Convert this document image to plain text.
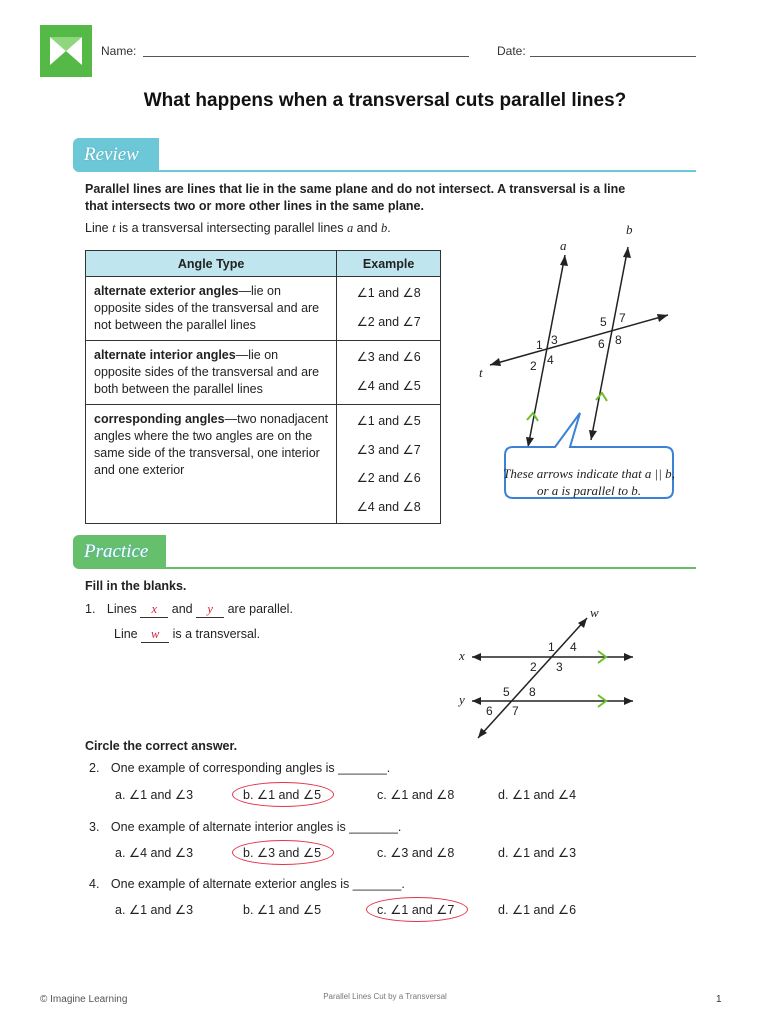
Name:	Date:
What happens when a transversal cuts parallel lines?
Review
Parallel lines are lines that lie in the same plane and do not intersect. A transversal is a line
that intersects two or more other lines in the same plane.
Line t is a transversal intersecting parallel lines a and b.
Angle Type	Example
alternate exterior angles—lie on opposite sides of the transversal and are not between the parallel lines	∠1 and ∠8
∠2 and ∠7

alternate interior angles—lie on opposite sides of the transversal and are both between the parallel lines	∠3 and ∠6
∠4 and ∠5

corresponding angles—two nonadjacent angles where the two angles are on the same side of the transversal, one interior and one exterior	∠1 and ∠5
∠3 and ∠7
∠2 and ∠6
∠4 and ∠8
a
b
t
1
2
3
4
5
6
7
8
These arrows indicate that a || b, or a is parallel to b.
Practice
Fill in the blanks.
1. Lines x and y are parallel.
Line w is a transversal.
w
x
y
1
2 3
4
5
6 7
8
Circle the correct answer.
2. One example of corresponding angles is _______.
a. ∠1 and ∠3	b. ∠1 and ∠5	c. ∠1 and ∠8	d. ∠1 and ∠4
3. One example of alternate interior angles is _______.
a. ∠4 and ∠3	b. ∠3 and ∠5	c. ∠3 and ∠8	d. ∠1 and ∠3
4. One example of alternate exterior angles is _______.
a. ∠1 and ∠3	b. ∠1 and ∠5	c. ∠1 and ∠7	d. ∠1 and ∠6
© Imagine Learning	Parallel Lines Cut by a Transversal	1
